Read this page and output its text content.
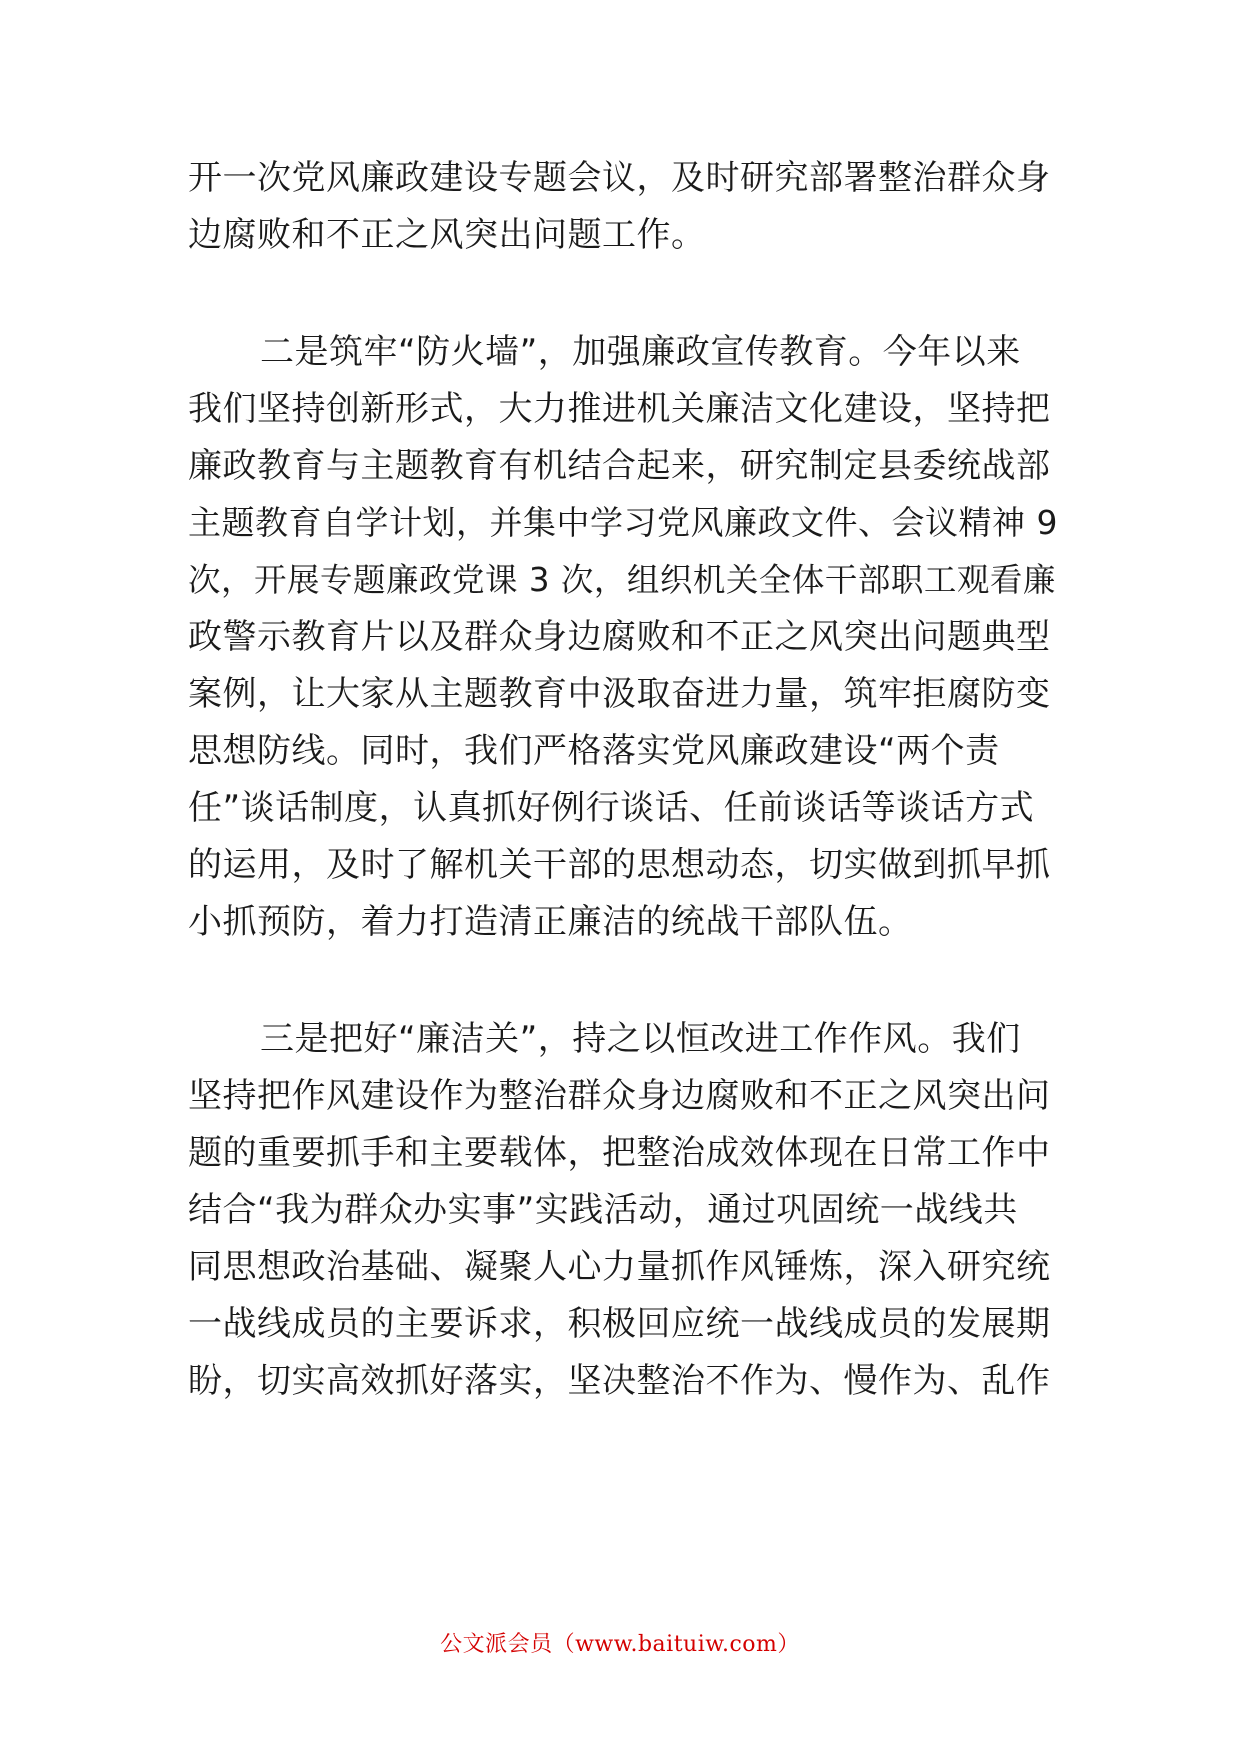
开一次党风廉政建设专题会议，及时研究部署整治群众身
边腐败和不正之风突出问题工作。
二是筑牢“防火墙”，加强廉政宣传教育。今年以来
我们坚持创新形式，大力推进机关廉洁文化建设，坚持把
廉政教育与主题教育有机结合起来，研究制定县委统战部
主题教育自学计划，并集中学习党风廉政文件、会议精神 9
次，开展专题廉政党课 3 次，组织机关全体干部职工观看廉
政警示教育片以及群众身边腐败和不正之风突出问题典型
案例，让大家从主题教育中汲取奋进力量，筑牢拒腐防变
思想防线。同时，我们严格落实党风廉政建设“两个责
任”谈话制度，认真抓好例行谈话、任前谈话等谈话方式
的运用，及时了解机关干部的思想动态，切实做到抓早抓
小抓预防，着力打造清正廉洁的统战干部队伍。
三是把好“廉洁关”，持之以恒改进工作作风。我们
坚持把作风建设作为整治群众身边腐败和不正之风突出问
题的重要抓手和主要载体，把整治成效体现在日常工作中
结合“我为群众办实事”实践活动，通过巩固统一战线共
同思想政治基础、凝聚人心力量抓作风锤炼，深入研究统
一战线成员的主要诉求，积极回应统一战线成员的发展期
盼，切实高效抓好落实，坚决整治不作为、慢作为、乱作
公文派会员（www.baituiw.com）
